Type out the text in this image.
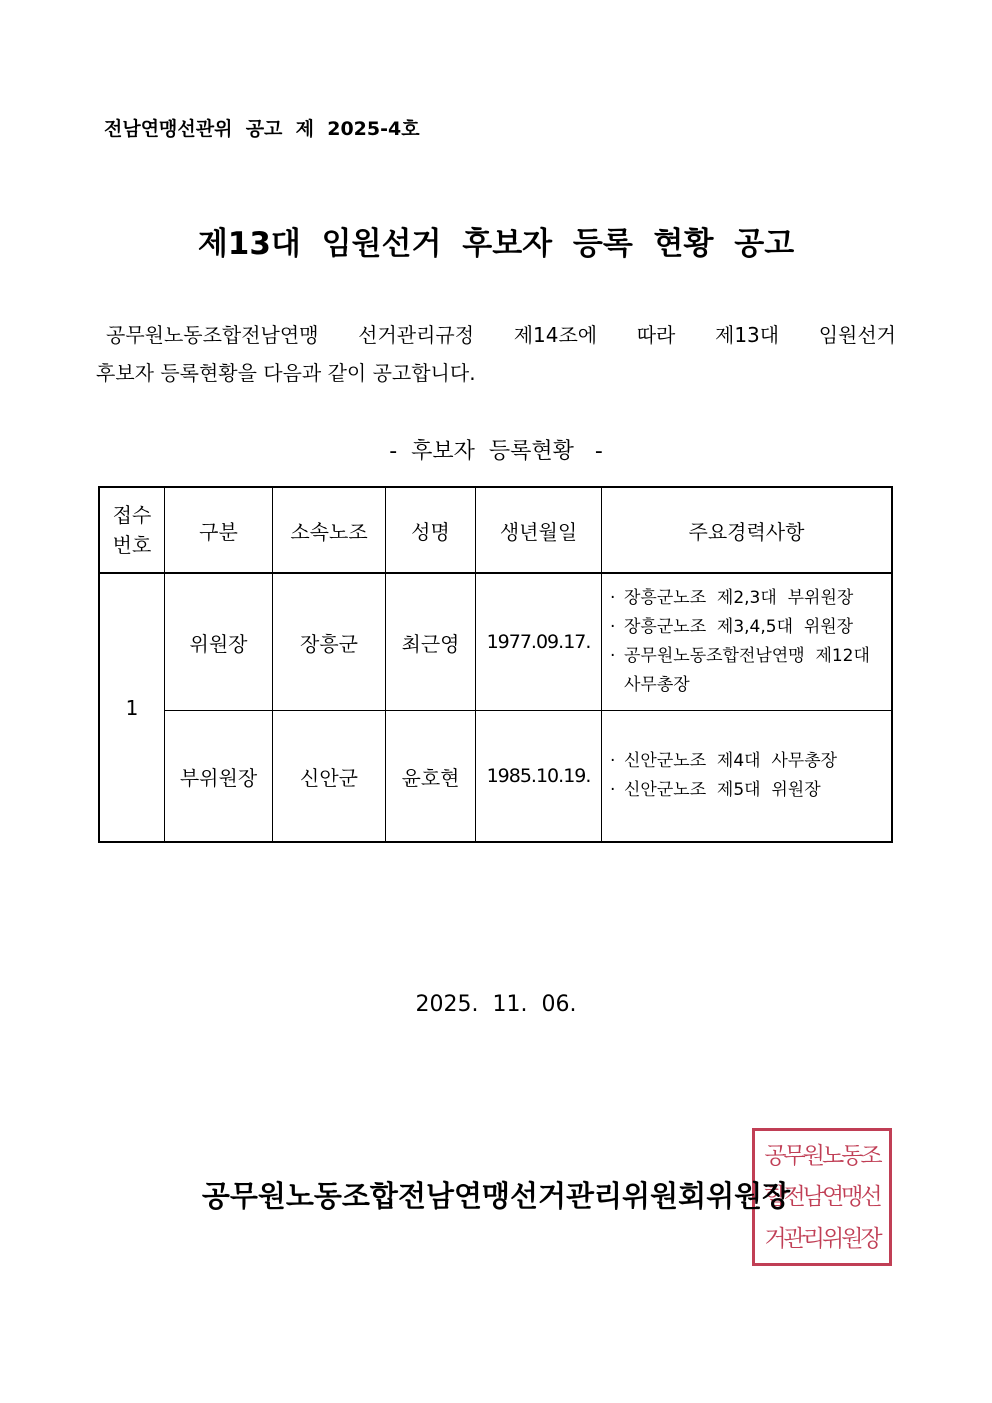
전남연맹선관위  공고  제  2025-4호
제13대 임원선거 후보자 등록 현황 공고
공무원노동조합전남연맹 선거관리규정 제14조에 따라 제13대 임원선거
후보자 등록현황을 다음과 같이 공고합니다.
-  후보자  등록현황   -
접수
번호	구분	소속노조	성명	생년월일	주요경력사항
1	위원장	장흥군	최근영	1977.09.17.	· 장흥군노조  제2,3대  부위원장
· 장흥군노조  제3,4,5대  위원장
· 공무원노동조합전남연맹  제12대
사무총장

	부위원장	신안군	윤호현	1985.10.19.	· 신안군노조  제4대  사무총장
· 신안군노조  제5대  위원장
2025.  11.  06.
공무원노동조
합전남연맹선
거관리위원장
공무원노동조합전남연맹선거관리위원회위원장
